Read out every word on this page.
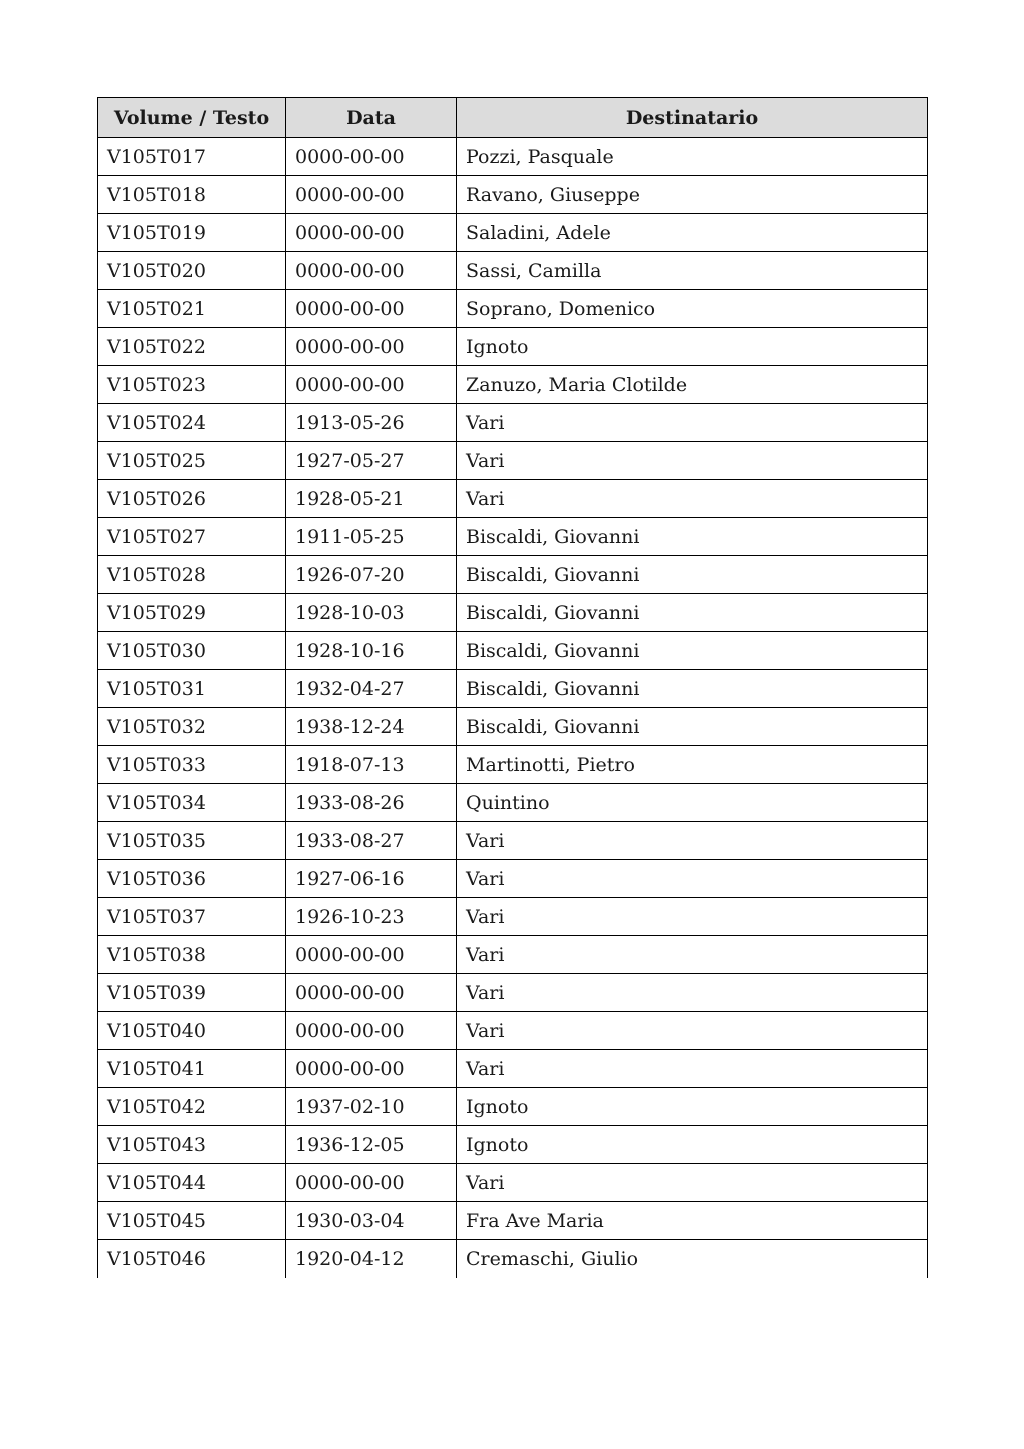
Volume / Testo	Data	Destinatario
V105T017	0000-00-00	Pozzi, Pasquale
V105T018	0000-00-00	Ravano, Giuseppe
V105T019	0000-00-00	Saladini, Adele
V105T020	0000-00-00	Sassi, Camilla
V105T021	0000-00-00	Soprano, Domenico
V105T022	0000-00-00	Ignoto
V105T023	0000-00-00	Zanuzo, Maria Clotilde
V105T024	1913-05-26	Vari
V105T025	1927-05-27	Vari
V105T026	1928-05-21	Vari
V105T027	1911-05-25	Biscaldi, Giovanni
V105T028	1926-07-20	Biscaldi, Giovanni
V105T029	1928-10-03	Biscaldi, Giovanni
V105T030	1928-10-16	Biscaldi, Giovanni
V105T031	1932-04-27	Biscaldi, Giovanni
V105T032	1938-12-24	Biscaldi, Giovanni
V105T033	1918-07-13	Martinotti, Pietro
V105T034	1933-08-26	Quintino
V105T035	1933-08-27	Vari
V105T036	1927-06-16	Vari
V105T037	1926-10-23	Vari
V105T038	0000-00-00	Vari
V105T039	0000-00-00	Vari
V105T040	0000-00-00	Vari
V105T041	0000-00-00	Vari
V105T042	1937-02-10	Ignoto
V105T043	1936-12-05	Ignoto
V105T044	0000-00-00	Vari
V105T045	1930-03-04	Fra Ave Maria
V105T046	1920-04-12	Cremaschi, Giulio
